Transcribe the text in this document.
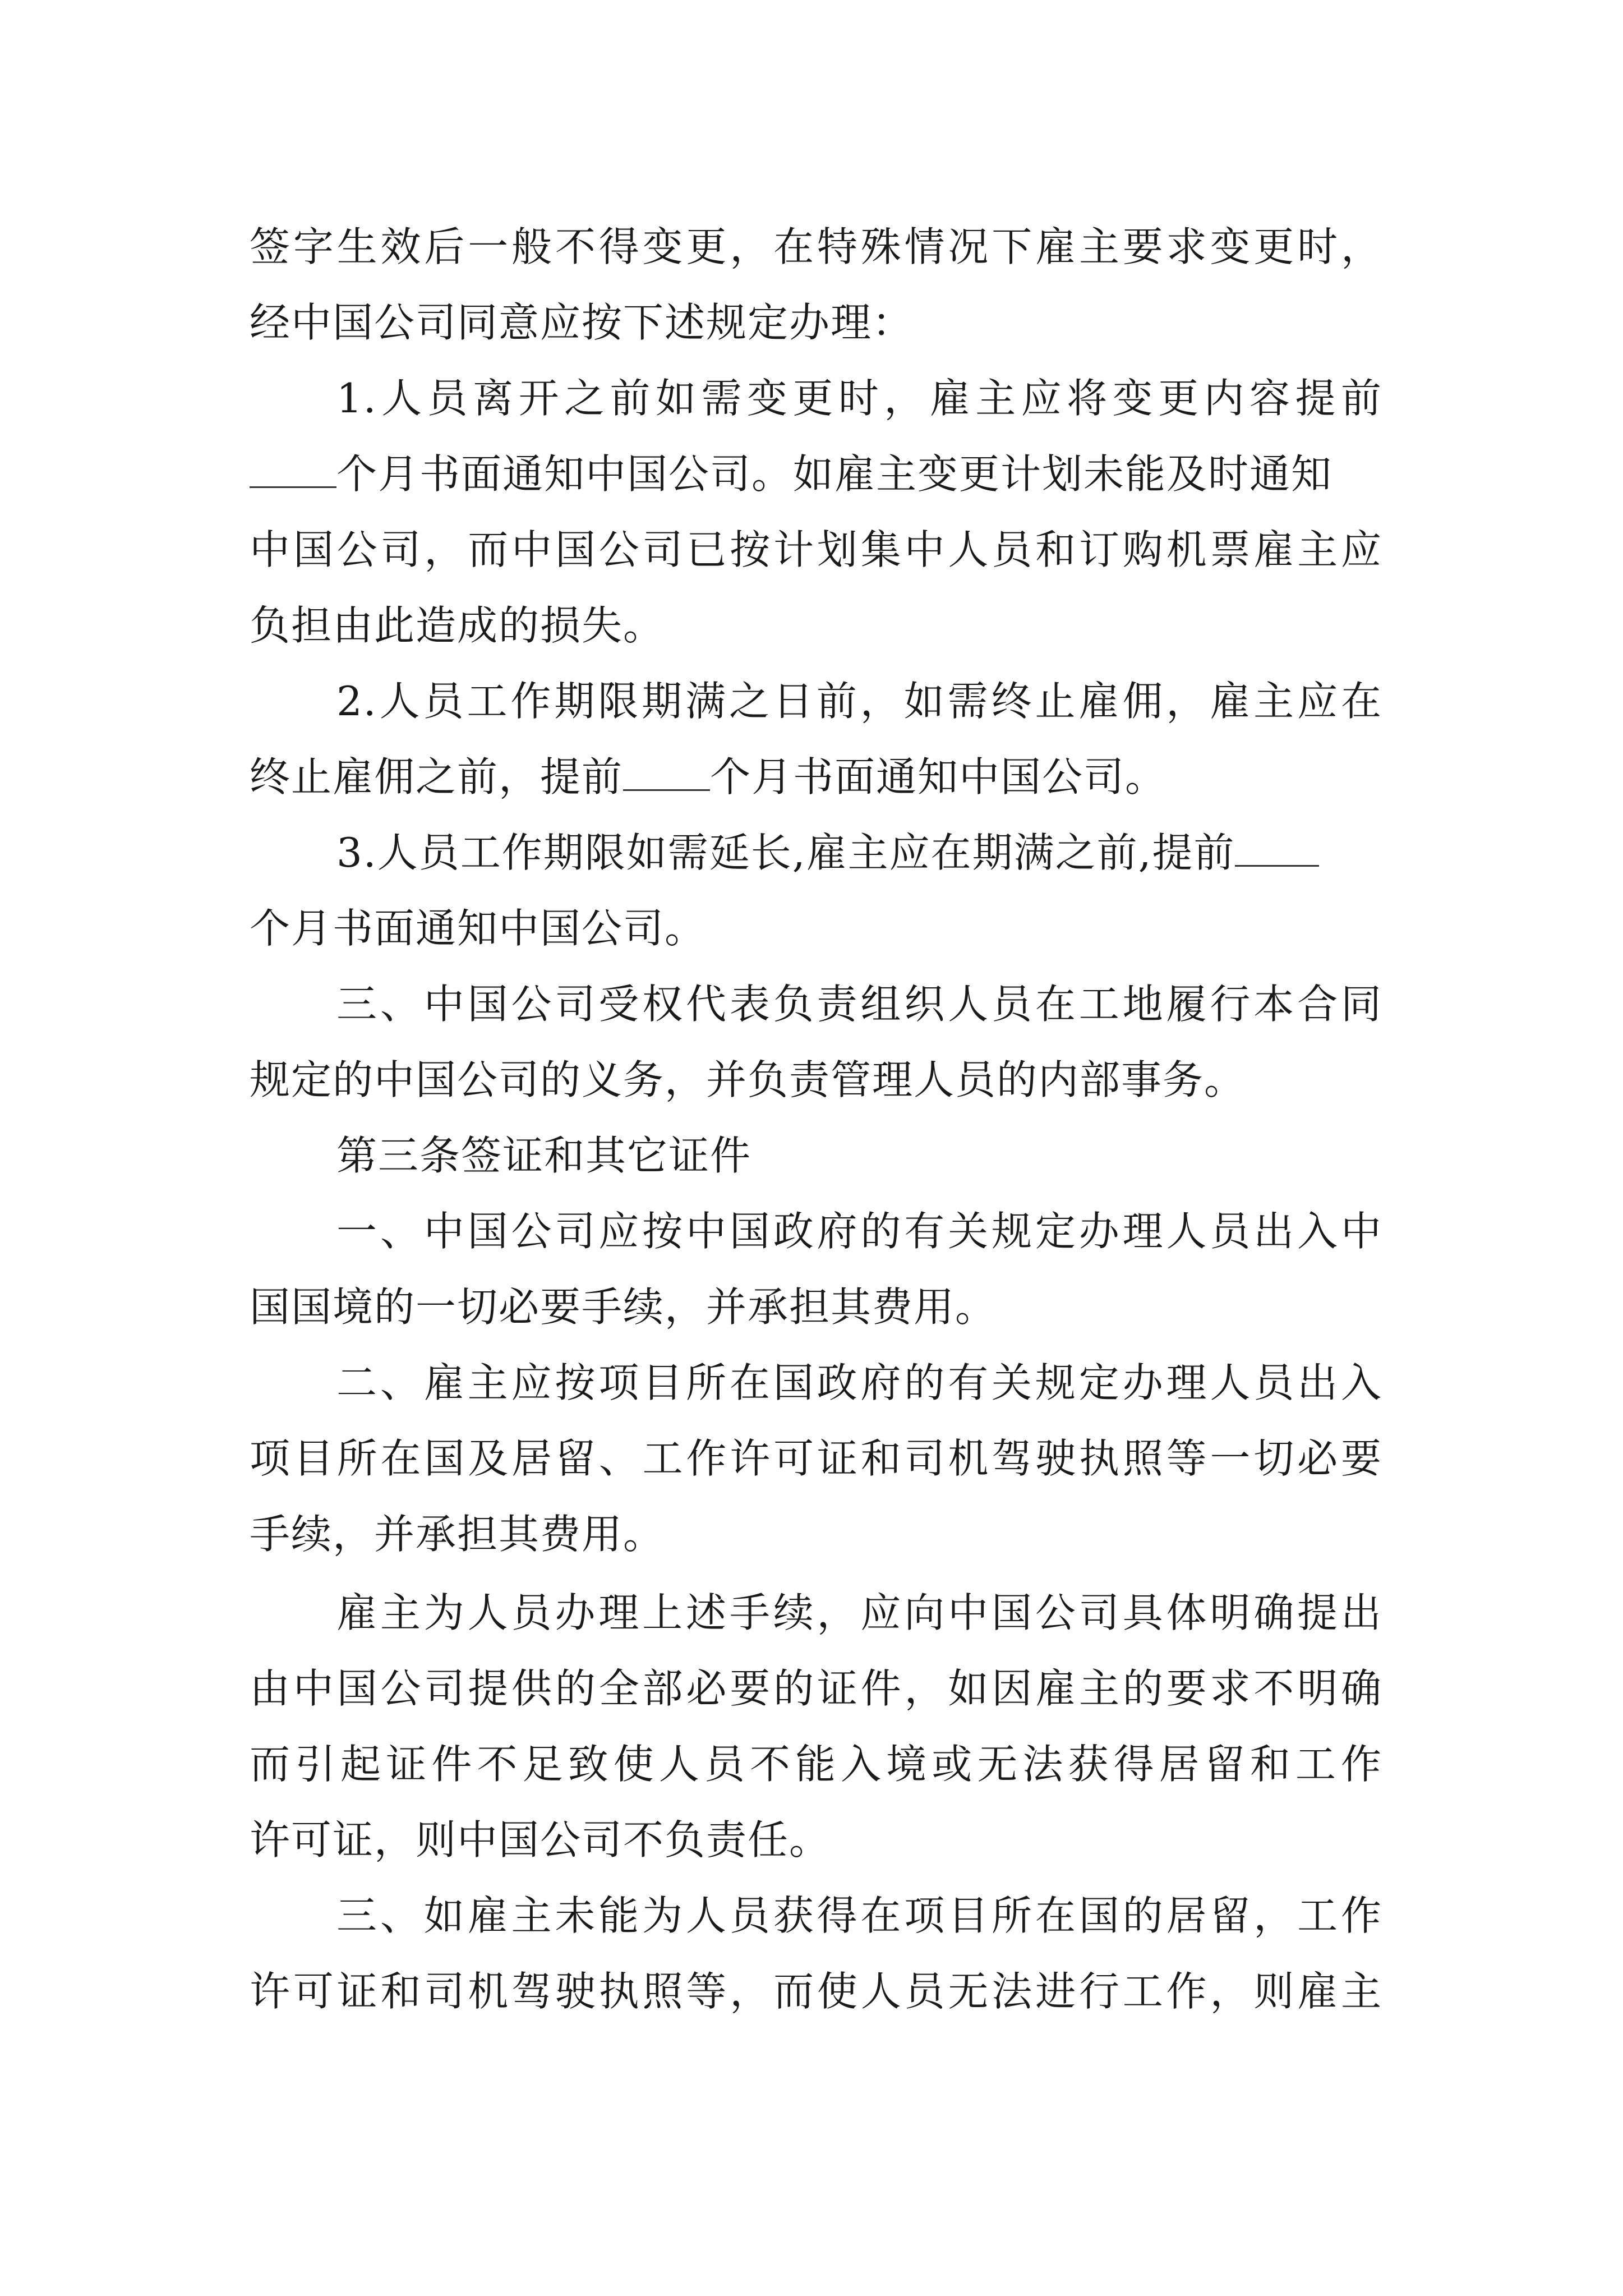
签字生效后一般不得变更，在特殊情况下雇主要求变更时，
经中国公司同意应按下述规定办理：
1.人员离开之前如需变更时，雇主应将变更内容提前
个月书面通知中国公司。如雇主变更计划未能及时通知
中国公司，而中国公司已按计划集中人员和订购机票雇主应
负担由此造成的损失。
2.人员工作期限期满之日前，如需终止雇佣，雇主应在
终止雇佣之前，提前 个月书面通知中国公司。
3.人员工作期限如需延长,雇主应在期满之前,提前
个月书面通知中国公司。
三、中国公司受权代表负责组织人员在工地履行本合同
规定的中国公司的义务，并负责管理人员的内部事务。
第三条签证和其它证件
一、中国公司应按中国政府的有关规定办理人员出入中
国国境的一切必要手续，并承担其费用。
二、雇主应按项目所在国政府的有关规定办理人员出入
项目所在国及居留、工作许可证和司机驾驶执照等一切必要
手续，并承担其费用。
雇主为人员办理上述手续，应向中国公司具体明确提出
由中国公司提供的全部必要的证件，如因雇主的要求不明确
而引起证件不足致使人员不能入境或无法获得居留和工作
许可证，则中国公司不负责任。
三、如雇主未能为人员获得在项目所在国的居留，工作
许可证和司机驾驶执照等，而使人员无法进行工作，则雇主
